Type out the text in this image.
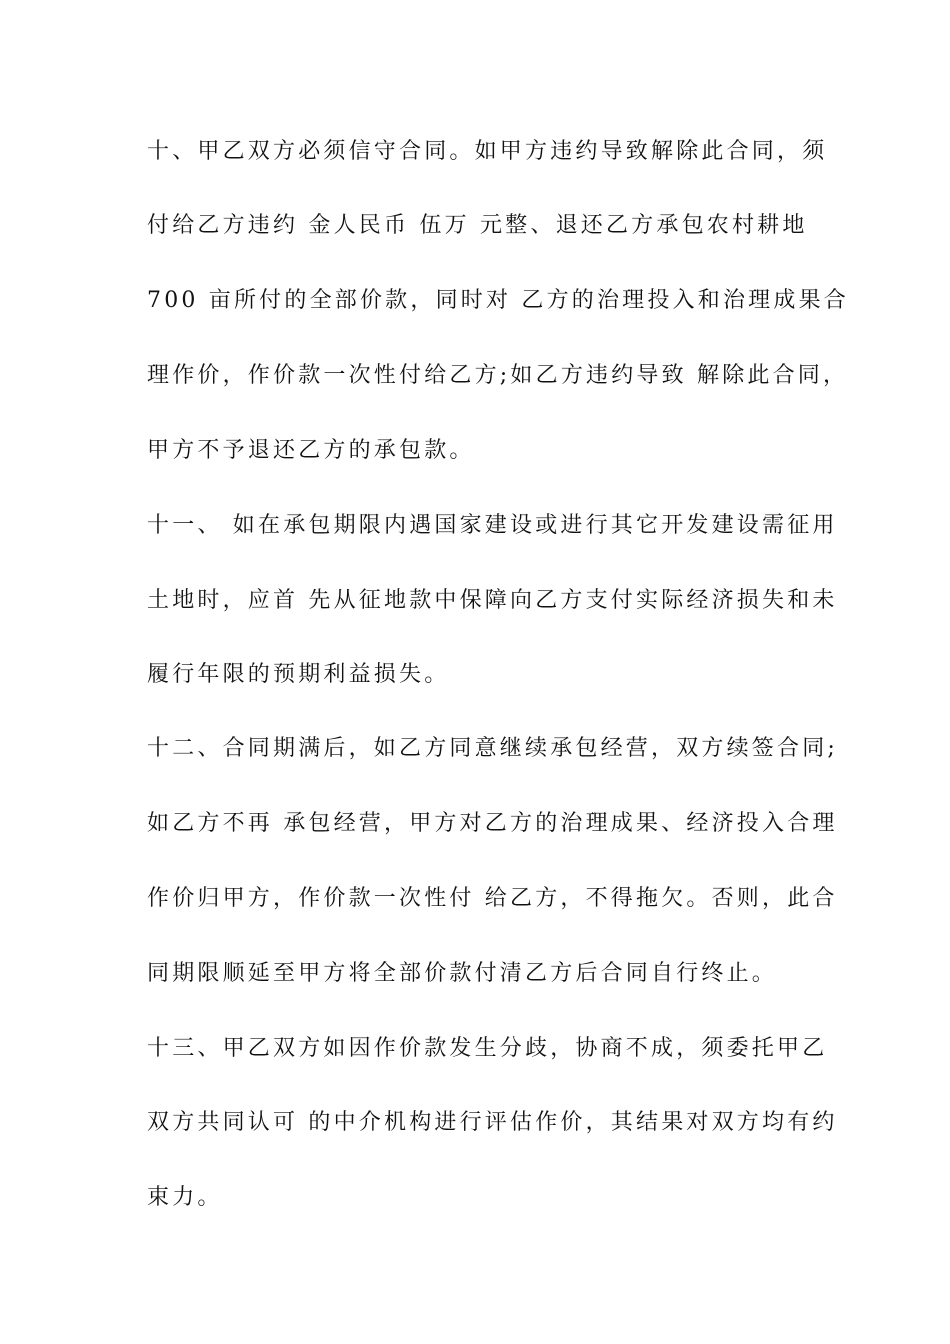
十、甲乙双方必须信守合同。如甲方违约导致解除此合同，须
付给乙方违约 金人民币 伍万 元整、退还乙方承包农村耕地
700 亩所付的全部价款，同时对 乙方的治理投入和治理成果合
理作价，作价款一次性付给乙方;如乙方违约导致 解除此合同，
甲方不予退还乙方的承包款。
十一、 如在承包期限内遇国家建设或进行其它开发建设需征用
土地时，应首 先从征地款中保障向乙方支付实际经济损失和未
履行年限的预期利益损失。
十二、合同期满后，如乙方同意继续承包经营，双方续签合同;
如乙方不再 承包经营，甲方对乙方的治理成果、经济投入合理
作价归甲方，作价款一次性付 给乙方，不得拖欠。否则，此合
同期限顺延至甲方将全部价款付清乙方后合同自行终止。
十三、甲乙双方如因作价款发生分歧，协商不成，须委托甲乙
双方共同认可 的中介机构进行评估作价，其结果对双方均有约
束力。
